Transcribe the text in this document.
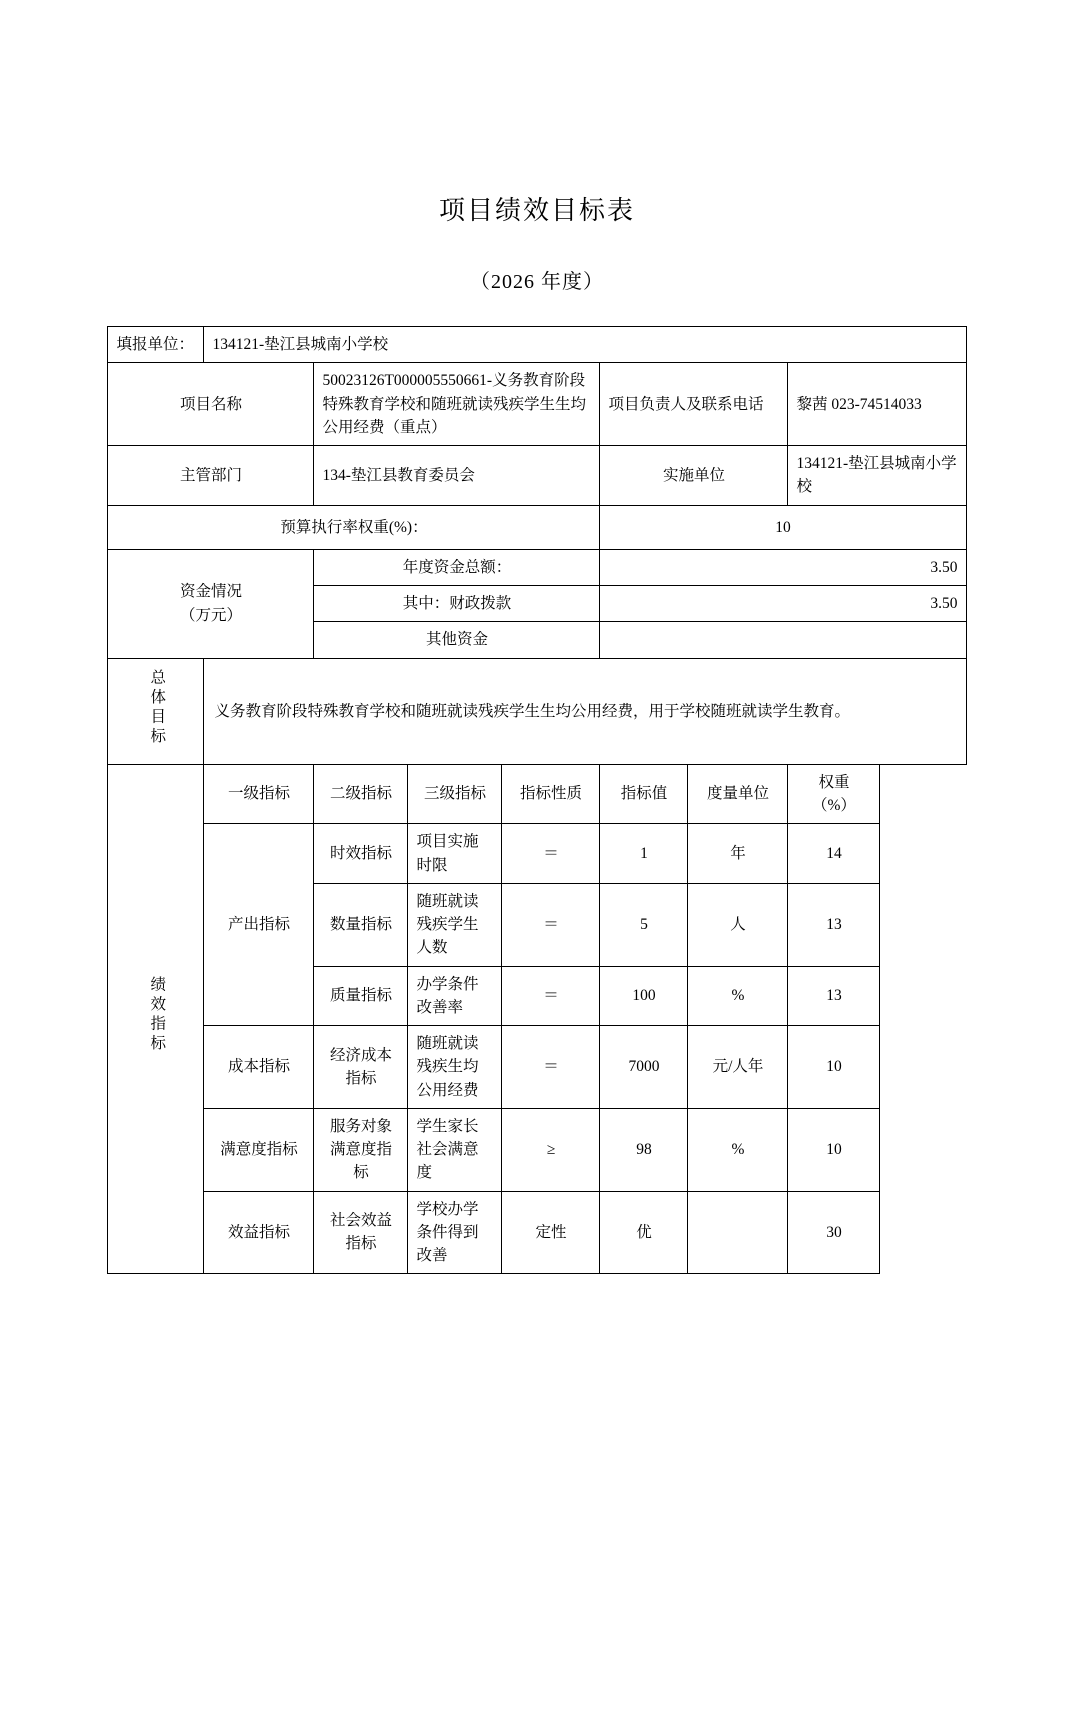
项目绩效目标表
（2026 年度）
填报单位：	134121-垫江县城南小学校						
项目名称		50023126T000005550661-义务教育阶段特殊教育学校和随班就读残疾学生生均公用经费（重点）			项目负责人及联系电话		黎茜 023-74514033
主管部门		134-垫江县教育委员会			实施单位		134121-垫江县城南小学校
预算执行率权重(%)：					10		

资金情况
（万元）		年度资金总额：			3.50		
		其中：财政拨款			3.50		
		其他资金					
总体目标	义务教育阶段特殊教育学校和随班就读残疾学生生均公用经费，用于学校随班就读学生教育。						
绩效指标	一级指标	二级指标	三级指标	指标性质	指标值	度量单位	权重
（%）

	产出指标	时效指标	项目实施时限	＝	1	年	14
		数量指标	随班就读残疾学生人数	＝	5	人	13
		质量指标	办学条件改善率	＝	100	%	13
	成本指标	经济成本指标	随班就读残疾生均公用经费	＝	7000	元/人年	10
	满意度指标	服务对象满意度指标	学生家长社会满意度	≥	98	%	10
	效益指标	社会效益指标	学校办学条件得到改善	定性	优		30
